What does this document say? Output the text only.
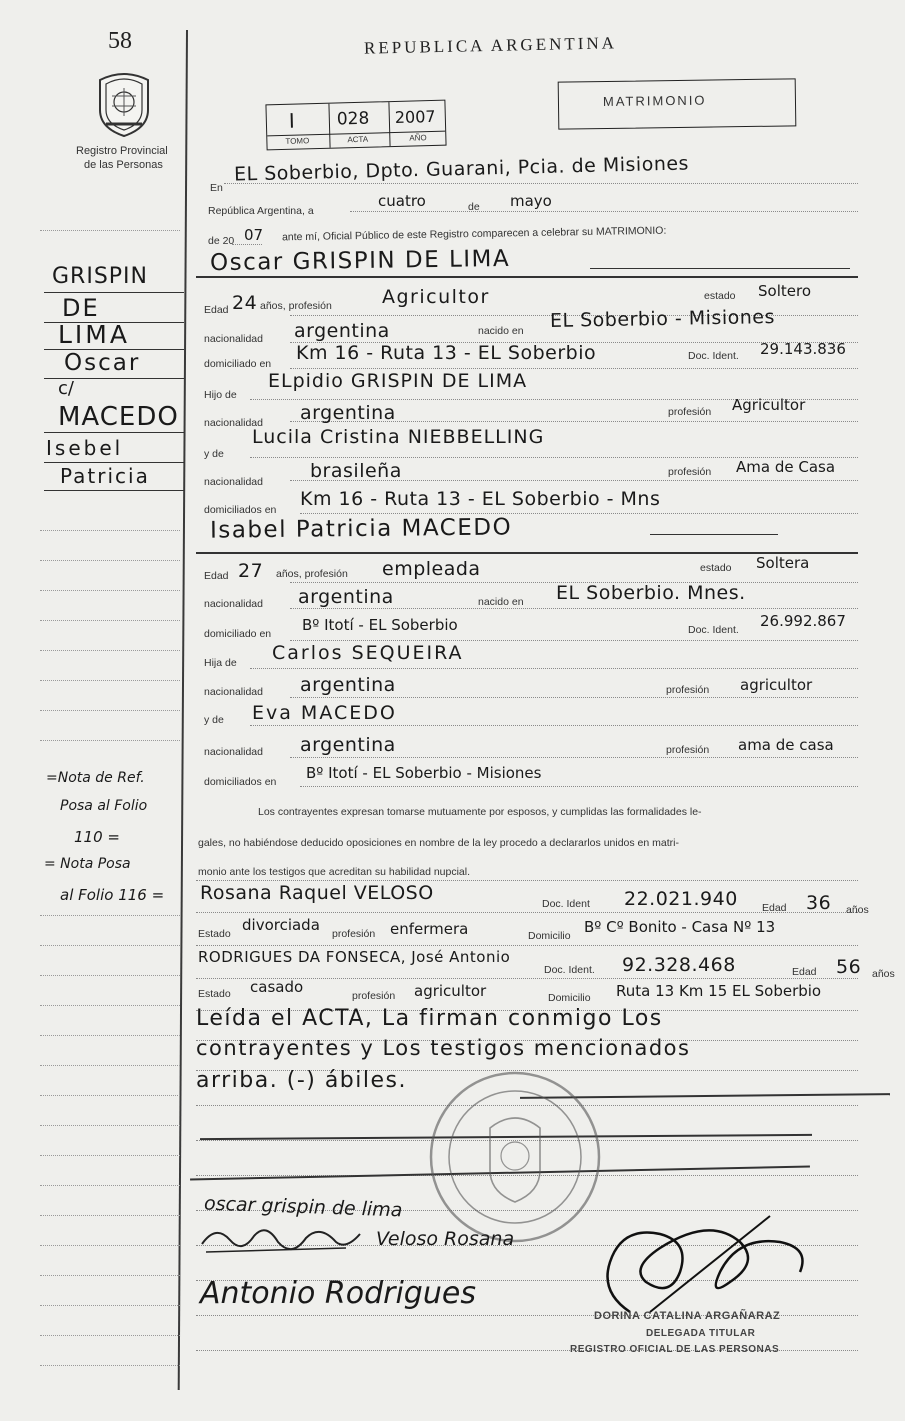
58
Registro Provincial
de las Personas
REPUBLICA ARGENTINA
MATRIMONIO
I 028 2007
TOMO	ACTA	AÑO
GRISPIN
DE
LIMA
Oscar
c/
MACEDO
Isebel
Patricia
=Nota de Ref.
Posa al Folio
110 =
= Nota Posa
al Folio 116 =
En
EL Soberbio, Dpto. Guarani, Pcia. de Misiones
República Argentina, a
cuatro	de mayo
de 20 07 ante mí, Oficial Público de este Registro comparecen a celebrar su MATRIMONIO:
Oscar GRISPIN DE LIMA
Edad 24 años, profesión	Agricultor	estado Soltero
nacionalidad argentina	nacido en EL Soberbio - Misiones
domiciliado en Km 16 - Ruta 13 - EL Soberbio	Doc. Ident. 29.143.836
Hijo de
ELpidio GRISPIN DE LIMA
nacionalidad argentina	profesión Agricultor
y de
Lucila Cristina NIEBBELLING
nacionalidad brasileña	profesión Ama de Casa
domiciliados en Km 16 - Ruta 13 - EL Soberbio - Mns
Isabel Patricia MACEDO
Edad 27 años, profesión empleada	estado Soltera
nacionalidad argentina	nacido en EL Soberbio. Mnes.
domiciliado en Bº Itotí - EL Soberbio	Doc. Ident. 26.992.867
Hija de Carlos SEQUEIRA
nacionalidad argentina	profesión agricultor
y de Eva MACEDO
nacionalidad argentina	profesión ama de casa
domiciliados en Bº Itotí - EL Soberbio - Misiones
Los contrayentes expresan tomarse mutuamente por esposos, y cumplidas las formalidades le-
gales, no habiéndose deducido oposiciones en nombre de la ley procedo a declararlos unidos en matri-
monio ante los testigos que acreditan su habilidad nupcial.
Rosana Raquel VELOSO	Doc. Ident 22.021.940 Edad 36 años
Estado divorciada profesión enfermera	Domicilio Bº Cº Bonito - Casa Nº 13
RODRIGUES DA FONSECA, José Antonio
Doc. Ident. 92.328.468	Edad 56 años
Estado casado	profesión agricultor	Domicilio Ruta 13 Km 15 EL Soberbio
Leída el ACTA, La firman conmigo Los
contrayentes y Los testigos mencionados
arriba. (-) ábiles.
oscar grispin de lima
Veloso Rosana
Antonio Rodrigues
DORINA CATALINA ARGAÑARAZ
DELEGADA TITULAR
REGISTRO OFICIAL DE LAS PERSONAS
